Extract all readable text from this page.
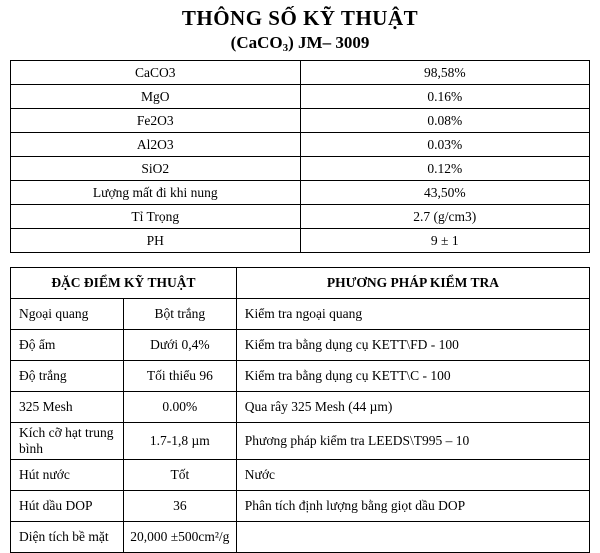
THÔNG SỐ KỸ THUẬT
(CaCO$_3$) JM– 3009
CaCO3	98,58%
MgO	0.16%
Fe2O3	0.08%
Al2O3	0.03%
SiO2	0.12%
Lượng mất đi khi nung	43,50%
Tỉ Trọng	2.7 (g/cm3)
PH	9 ± 1
ĐẶC ĐIỂM KỸ THUẬT		PHƯƠNG PHÁP KIỂM TRA
Ngoại quang	Bột trắng	Kiểm tra ngoại quang
Độ ẩm	Dưới 0,4%	Kiểm tra bằng dụng cụ KETT\FD - 100
Độ trắng	Tối thiểu 96	Kiểm tra bằng dụng cụ KETT\C - 100
325 Mesh	0.00%	Qua rây 325 Mesh (44 µm)
Kích cỡ hạt trung bình	1.7-1,8 µm	Phương pháp kiểm tra LEEDS\T995 – 10
Hút nước	Tốt	Nước
Hút dầu DOP	36	Phân tích định lượng bằng giọt dầu DOP
Diện tích bề mặt	20,000 ±500cm²/g	
